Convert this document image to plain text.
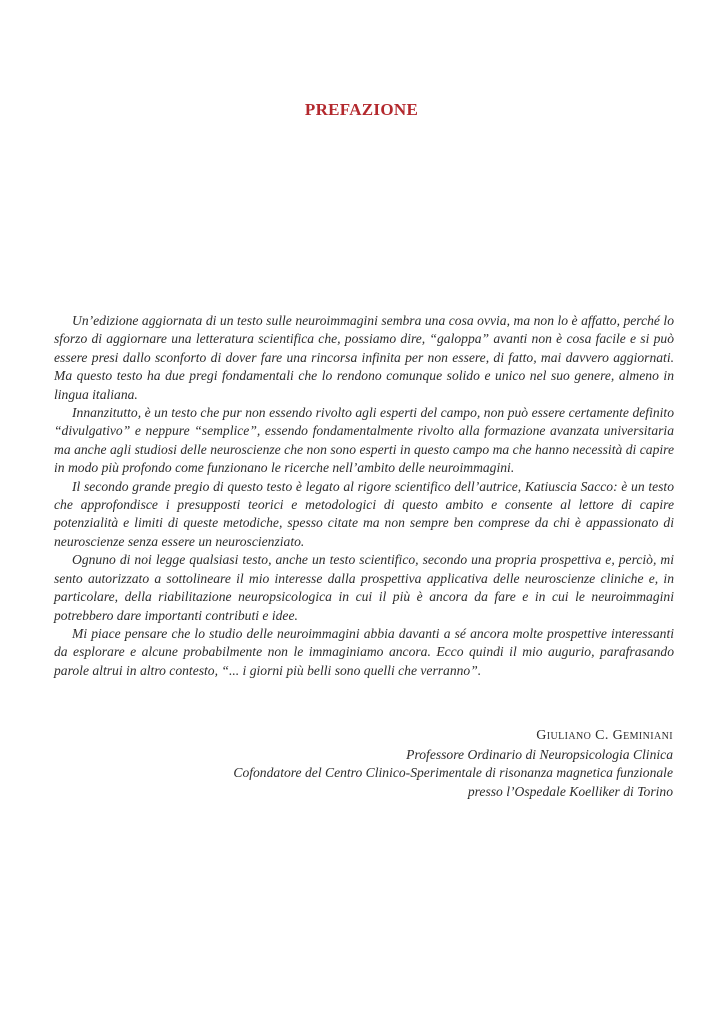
PREFAZIONE

Un’edizione aggiornata di un testo sulle neuroimmagini sembra una cosa ovvia, ma non lo è affatto, perché lo sforzo di aggiornare una letteratura scientifica che, possiamo dire, “galoppa” avanti non è cosa facile e si può essere presi dallo sconforto di dover fare una rincorsa infinita per non essere, di fatto, mai davvero aggiornati. Ma questo testo ha due pregi fondamentali che lo rendono comunque solido e unico nel suo genere, almeno in lingua italiana.

Innanzitutto, è un testo che pur non essendo rivolto agli esperti del campo, non può essere certamente definito “divulgativo” e neppure “semplice”, essendo fondamentalmente rivolto alla formazione avanzata universitaria ma anche agli studiosi delle neuroscienze che non sono esperti in questo campo ma che hanno necessità di capire in modo più profondo come funzionano le ricerche nell’ambito delle neuroimmagini.

Il secondo grande pregio di questo testo è legato al rigore scientifico dell’autrice, Katiuscia Sacco: è un testo che approfondisce i presupposti teorici e metodologici di questo ambito e consente al lettore di capire potenzialità e limiti di queste metodiche, spesso citate ma non sempre ben comprese da chi è appassionato di neuroscienze senza essere un neuroscienziato.

Ognuno di noi legge qualsiasi testo, anche un testo scientifico, secondo una propria prospettiva e, perciò, mi sento autorizzato a sottolineare il mio interesse dalla prospettiva applicativa delle neuroscienze cliniche e, in particolare, della riabilitazione neuropsicologica in cui il più è ancora da fare e in cui le neuroimmagini potrebbero dare importanti contributi e idee.

Mi piace pensare che lo studio delle neuroimmagini abbia davanti a sé ancora molte prospettive interessanti da esplorare e alcune probabilmente non le immaginiamo ancora. Ecco quindi il mio augurio, parafrasando parole altrui in altro contesto, “... i giorni più belli sono quelli che verranno”.

Giuliano C. Geminiani
Professore Ordinario di Neuropsicologia Clinica
Cofondatore del Centro Clinico-Sperimentale di risonanza magnetica funzionale
presso l’Ospedale Koelliker di Torino
